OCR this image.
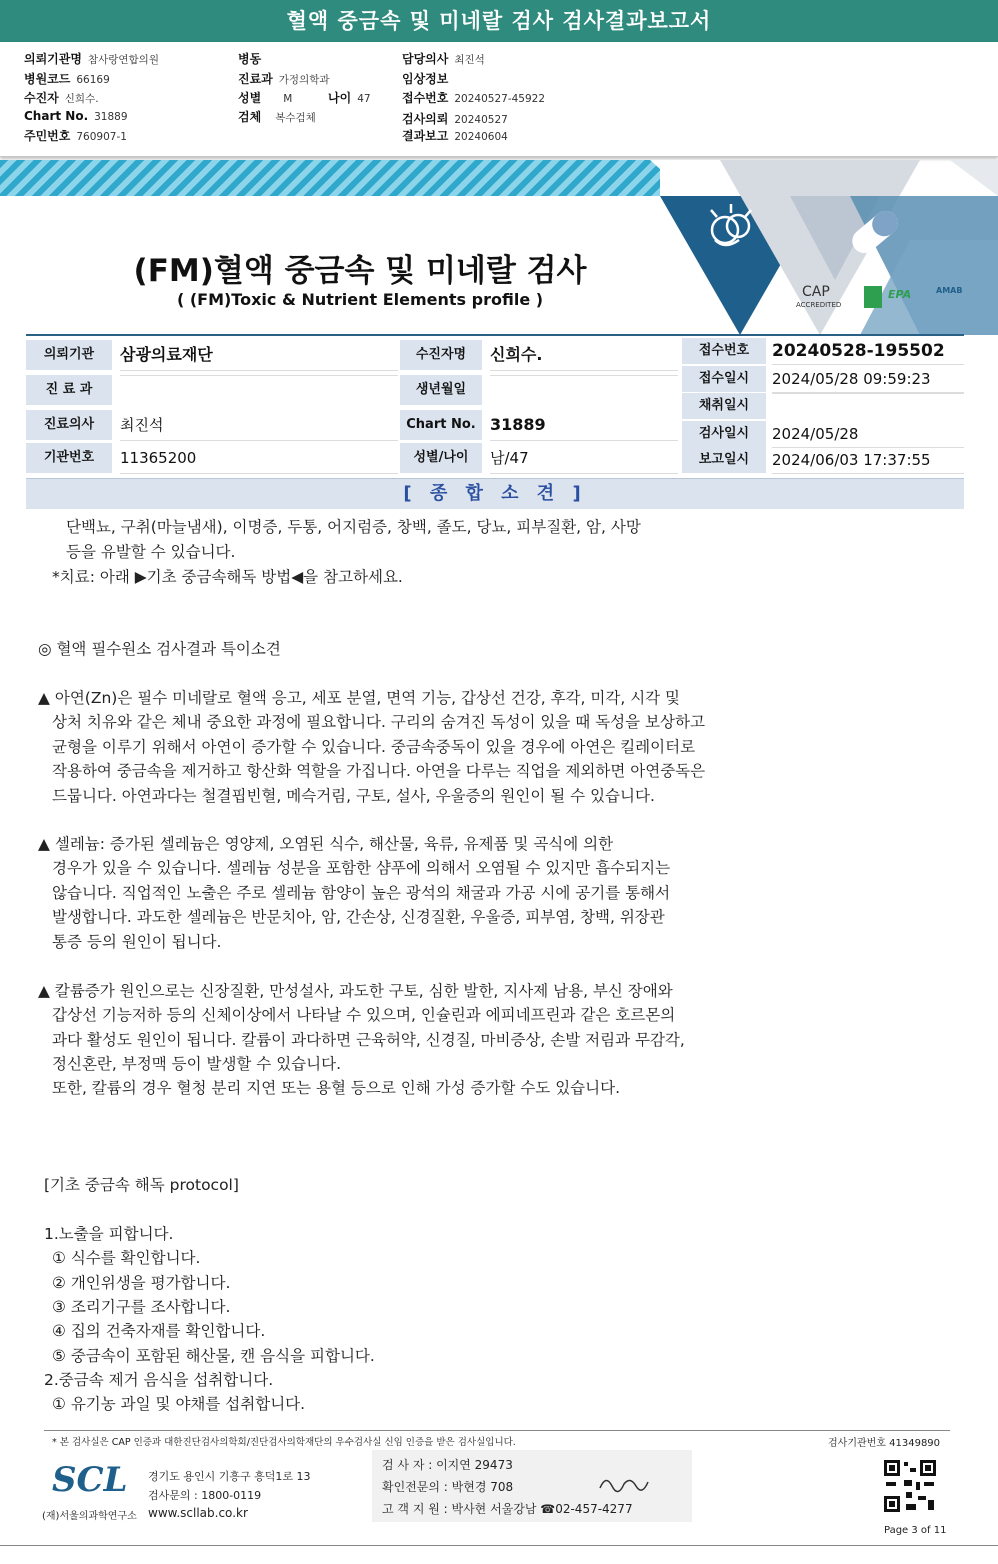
혈액 중금속 및 미네랄 검사 검사결과보고서
의뢰기관명 참사랑연합의원
병원코드 66169
수진자 신희수.
Chart No. 31889
주민번호 760907-1
병동
진료과 가정의학과
성별 M	나이 47
검체 복수검체
담당의사 최진석
임상정보
접수번호 20240527-45922
검사의뢰 20240527
결과보고 20240604
(FM)혈액 중금속 및 미네랄 검사
( (FM)Toxic & Nutrient Elements profile )	CAP
ACCREDITED
EPA	AMAB
의뢰기관	삼광의료재단	수진자명	신희수.
진 료 과	생년월일
진료의사	최진석	Chart No. 31889
기관번호	11365200	성별/나이	남/47
접수번호	20240528-195502
접수일시	2024/05/28 09:59:23
채취일시
검사일시	2024/05/28
보고일시	2024/06/03 17:37:55
[ 종 합 소 견 ]
단백뇨, 구취(마늘냄새), 이명증, 두통, 어지럼증, 창백, 졸도, 당뇨, 피부질환, 암, 사망
등을 유발할 수 있습니다.
*치료: 아래 ▶기초 중금속해독 방법◀을 참고하세요.
◎ 혈액 필수원소 검사결과 특이소견
▲ 아연(Zn)은 필수 미네랄로 혈액 응고, 세포 분열, 면역 기능, 갑상선 건강, 후각, 미각, 시각 및
상처 치유와 같은 체내 중요한 과정에 필요합니다. 구리의 숨겨진 독성이 있을 때 독성을 보상하고
균형을 이루기 위해서 아연이 증가할 수 있습니다. 중금속중독이 있을 경우에 아연은 킬레이터로
작용하여 중금속을 제거하고 항산화 역할을 가집니다. 아연을 다루는 직업을 제외하면 아연중독은
드뭅니다. 아연과다는 철결핍빈혈, 메슥거림, 구토, 설사, 우울증의 원인이 될 수 있습니다.
▲ 셀레늄: 증가된 셀레늄은 영양제, 오염된 식수, 해산물, 육류, 유제품 및 곡식에 의한
경우가 있을 수 있습니다. 셀레늄 성분을 포함한 샴푸에 의해서 오염될 수 있지만 흡수되지는
않습니다. 직업적인 노출은 주로 셀레늄 함양이 높은 광석의 채굴과 가공 시에 공기를 통해서
발생합니다. 과도한 셀레늄은 반문치아, 암, 간손상, 신경질환, 우울증, 피부염, 창백, 위장관
통증 등의 원인이 됩니다.
▲ 칼륨증가 원인으로는 신장질환, 만성설사, 과도한 구토, 심한 발한, 지사제 남용, 부신 장애와
갑상선 기능저하 등의 신체이상에서 나타날 수 있으며, 인슐린과 에피네프린과 같은 호르몬의
과다 활성도 원인이 됩니다. 칼륨이 과다하면 근육허약, 신경질, 마비증상, 손발 저림과 무감각,
정신혼란, 부정맥 등이 발생할 수 있습니다.
또한, 칼륨의 경우 혈청 분리 지연 또는 용혈 등으로 인해 가성 증가할 수도 있습니다.
[기초 중금속 해독 protocol]
1.노출을 피합니다.
① 식수를 확인합니다.
② 개인위생을 평가합니다.
③ 조리기구를 조사합니다.
④ 집의 건축자재를 확인합니다.
⑤ 중금속이 포함된 해산물, 캔 음식을 피합니다.
2.중금속 제거 음식을 섭취합니다.
① 유기농 과일 및 야채를 섭취합니다.
* 본 검사실은 CAP 인증과 대한진단검사의학회/진단검사의학재단의 우수검사실 신임 인증을 받은 검사실입니다.	검사기관번호 41349890
SCL
(재)서울의과학연구소
경기도 용인시 기흥구 흥덕1로 13
검사문의 : 1800-0119
www.scllab.co.kr
검 사 자 : 이지연 29473
확인전문의 : 박현경 708
고 객 지 원 : 박사현 서울강남 ☎02-457-4277
Page 3 of 11
